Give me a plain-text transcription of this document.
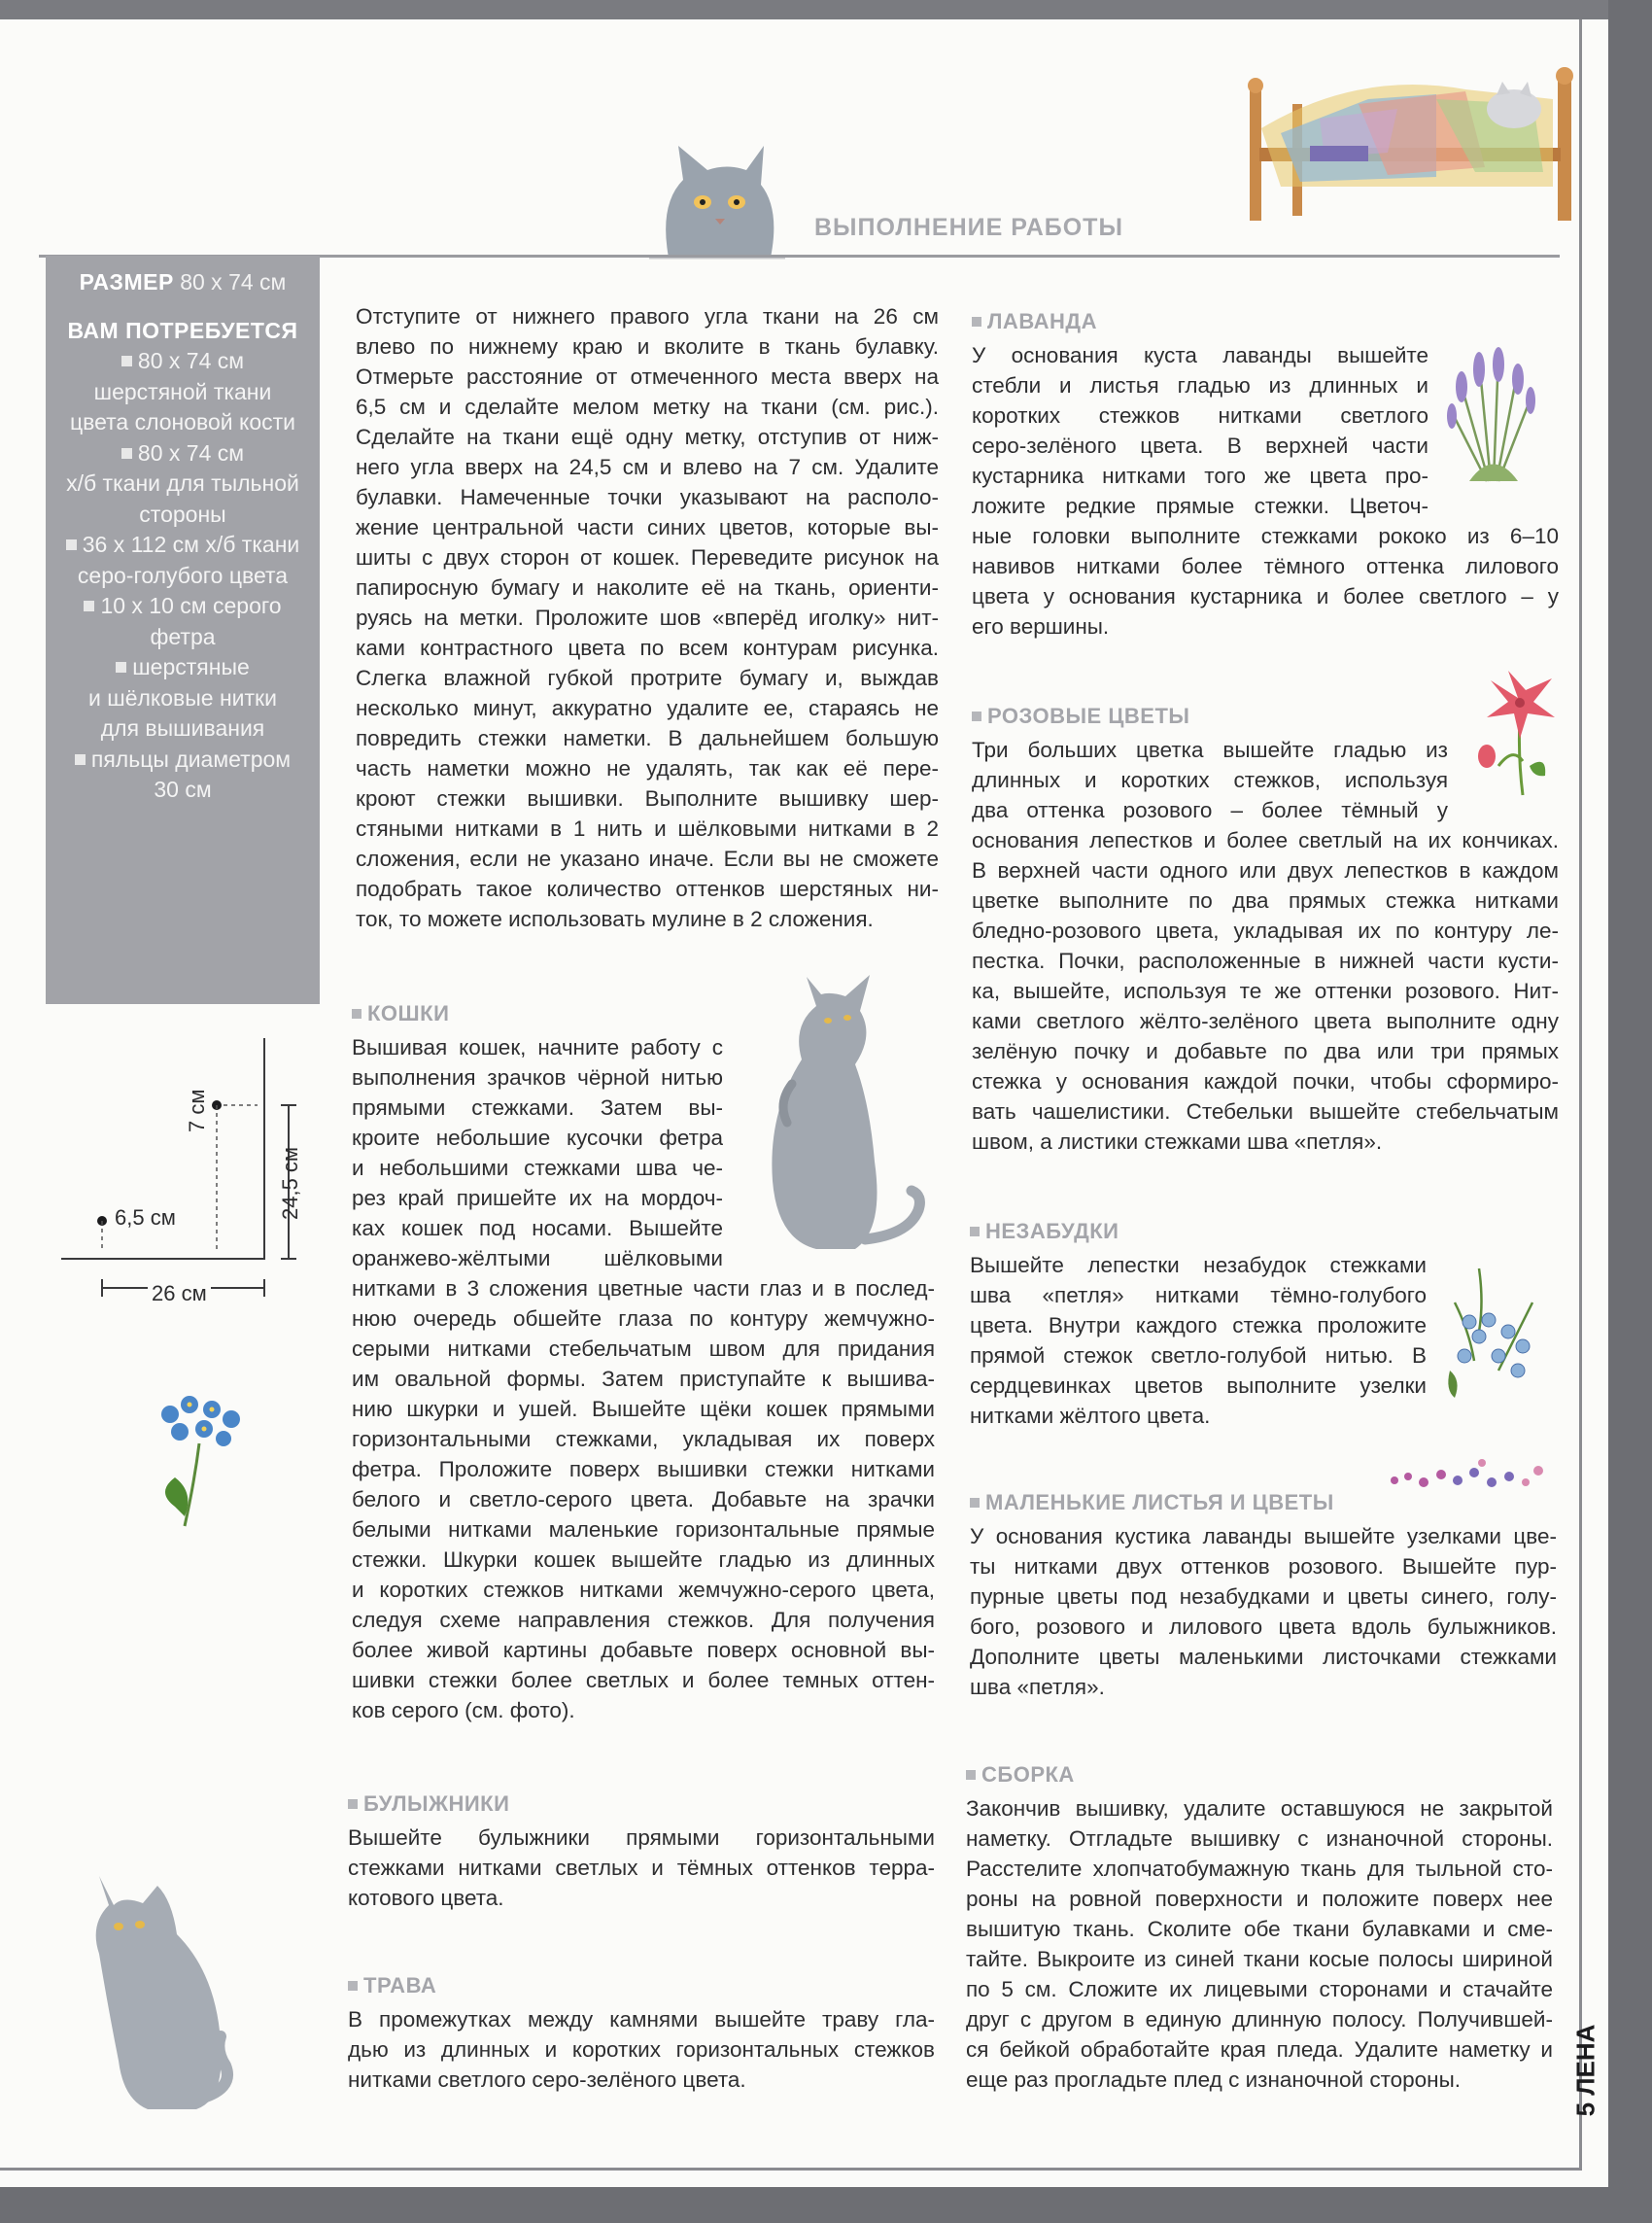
ВЫПОЛНЕНИЕ РАБОТЫ
РАЗМЕР 80 x 74 см
ВАМ ПОТРЕБУЕТСЯ
80 x 74 см
шерстяной ткани
цвета слоновой кости
80 x 74 см
х/б ткани для тыльной
стороны
36 x 112 см х/б ткани
серо-голубого цвета
10 x 10 см серого
фетра
шерстяные
и шёлковые нитки
для вышивания
пяльцы диаметром
30 см
7 см
24,5 см
6,5 см
26 см
Отступите от нижнего правого угла ткани на 26 см
влево по нижнему краю и вколите в ткань булавку.
Отмерьте расстояние от отмеченного места вверх на
6,5 см и сделайте мелом метку на ткани (см. рис.).
Сделайте на ткани ещё одну метку, отступив от ниж-
него угла вверх на 24,5 см и влево на 7 см. Удалите
булавки. Намеченные точки указывают на располо-
жение центральной части синих цветов, которые вы-
шиты с двух сторон от кошек. Переведите рисунок на
папиросную бумагу и наколите её на ткань, ориенти-
руясь на метки. Проложите шов «вперёд иголку» нит-
ками контрастного цвета по всем контурам рисунка.
Слегка влажной губкой протрите бумагу и, выждав
несколько минут, аккуратно удалите ее, стараясь не
повредить стежки наметки. В дальнейшем большую
часть наметки можно не удалять, так как её пере-
кроют стежки вышивки. Выполните вышивку шер-
стяными нитками в 1 нить и шёлковыми нитками в 2
сложения, если не указано иначе. Если вы не сможете
подобрать такое количество оттенков шерстяных ни-
ток, то можете использовать мулине в 2 сложения.
КОШКИ
Вышивая кошек, начните работу с
выполнения зрачков чёрной нитью
прямыми стежками. Затем вы-
кроите небольшие кусочки фетра
и небольшими стежками шва че-
рез край пришейте их на мордоч-
ках кошек под носами. Вышейте
оранжево-жёлтыми шёлковыми
нитками в 3 сложения цветные части глаз и в послед-
нюю очередь обшейте глаза по контуру жемчужно-
серыми нитками стебельчатым швом для придания
им овальной формы. Затем приступайте к вышива-
нию шкурки и ушей. Вышейте щёки кошек прямыми
горизонтальными стежками, укладывая их поверх
фетра. Проложите поверх вышивки стежки нитками
белого и светло-серого цвета. Добавьте на зрачки
белыми нитками маленькие горизонтальные прямые
стежки. Шкурки кошек вышейте гладью из длинных
и коротких стежков нитками жемчужно-серого цвета,
следуя схеме направления стежков. Для получения
более живой картины добавьте поверх основной вы-
шивки стежки более светлых и более темных оттен-
ков серого (см. фото).
БУЛЫЖНИКИ
Вышейте булыжники прямыми горизонтальными
стежками нитками светлых и тёмных оттенков терра-
котового цвета.
ТРАВА
В промежутках между камнями вышейте траву гла-
дью из длинных и коротких горизонтальных стежков
нитками светлого серо-зелёного цвета.
ЛАВАНДА
У основания куста лаванды вышейте
стебли и листья гладью из длинных и
коротких стежков нитками светлого
серо-зелёного цвета. В верхней части
кустарника нитками того же цвета про-
ложите редкие прямые стежки. Цветоч-
ные головки выполните стежками рококо из 6–10
навивов нитками более тёмного оттенка лилового
цвета у основания кустарника и более светлого – у
его вершины.
РОЗОВЫЕ ЦВЕТЫ
Три больших цветка вышейте гладью из
длинных и коротких стежков, используя
два оттенка розового – более тёмный у
основания лепестков и более светлый на их кончиках.
В верхней части одного или двух лепестков в каждом
цветке выполните по два прямых стежка нитками
бледно-розового цвета, укладывая их по контуру ле-
пестка. Почки, расположенные в нижней части кусти-
ка, вышейте, используя те же оттенки розового. Нит-
ками светлого жёлто-зелёного цвета выполните одну
зелёную почку и добавьте по два или три прямых
стежка у основания каждой почки, чтобы сформиро-
вать чашелистики. Стебельки вышейте стебельчатым
швом, а листики стежками шва «петля».
НЕЗАБУДКИ
Вышейте лепестки незабудок стежками
шва «петля» нитками тёмно-голубого
цвета. Внутри каждого стежка проложите
прямой стежок светло-голубой нитью. В
сердцевинках цветов выполните узелки
нитками жёлтого цвета.
МАЛЕНЬКИЕ ЛИСТЬЯ И ЦВЕТЫ
У основания кустика лаванды вышейте узелками цве-
ты нитками двух оттенков розового. Вышейте пур-
пурные цветы под незабудками и цветы синего, голу-
бого, розового и лилового цвета вдоль булыжников.
Дополните цветы маленькими листочками стежками
шва «петля».
СБОРКА
Закончив вышивку, удалите оставшуюся не закрытой
наметку. Отгладьте вышивку с изнаночной стороны.
Расстелите хлопчатобумажную ткань для тыльной сто-
роны на ровной поверхности и положите поверх нее
вышитую ткань. Сколите обе ткани булавками и сме-
тайте. Выкроите из синей ткани косые полосы шириной
по 5 см. Сложите их лицевыми сторонами и стачайте
друг с другом в единую длинную полосу. Получившей-
ся бейкой обработайте края пледа. Удалите наметку и
еще раз прогладьте плед с изнаночной стороны.	5 ЛЕНА
